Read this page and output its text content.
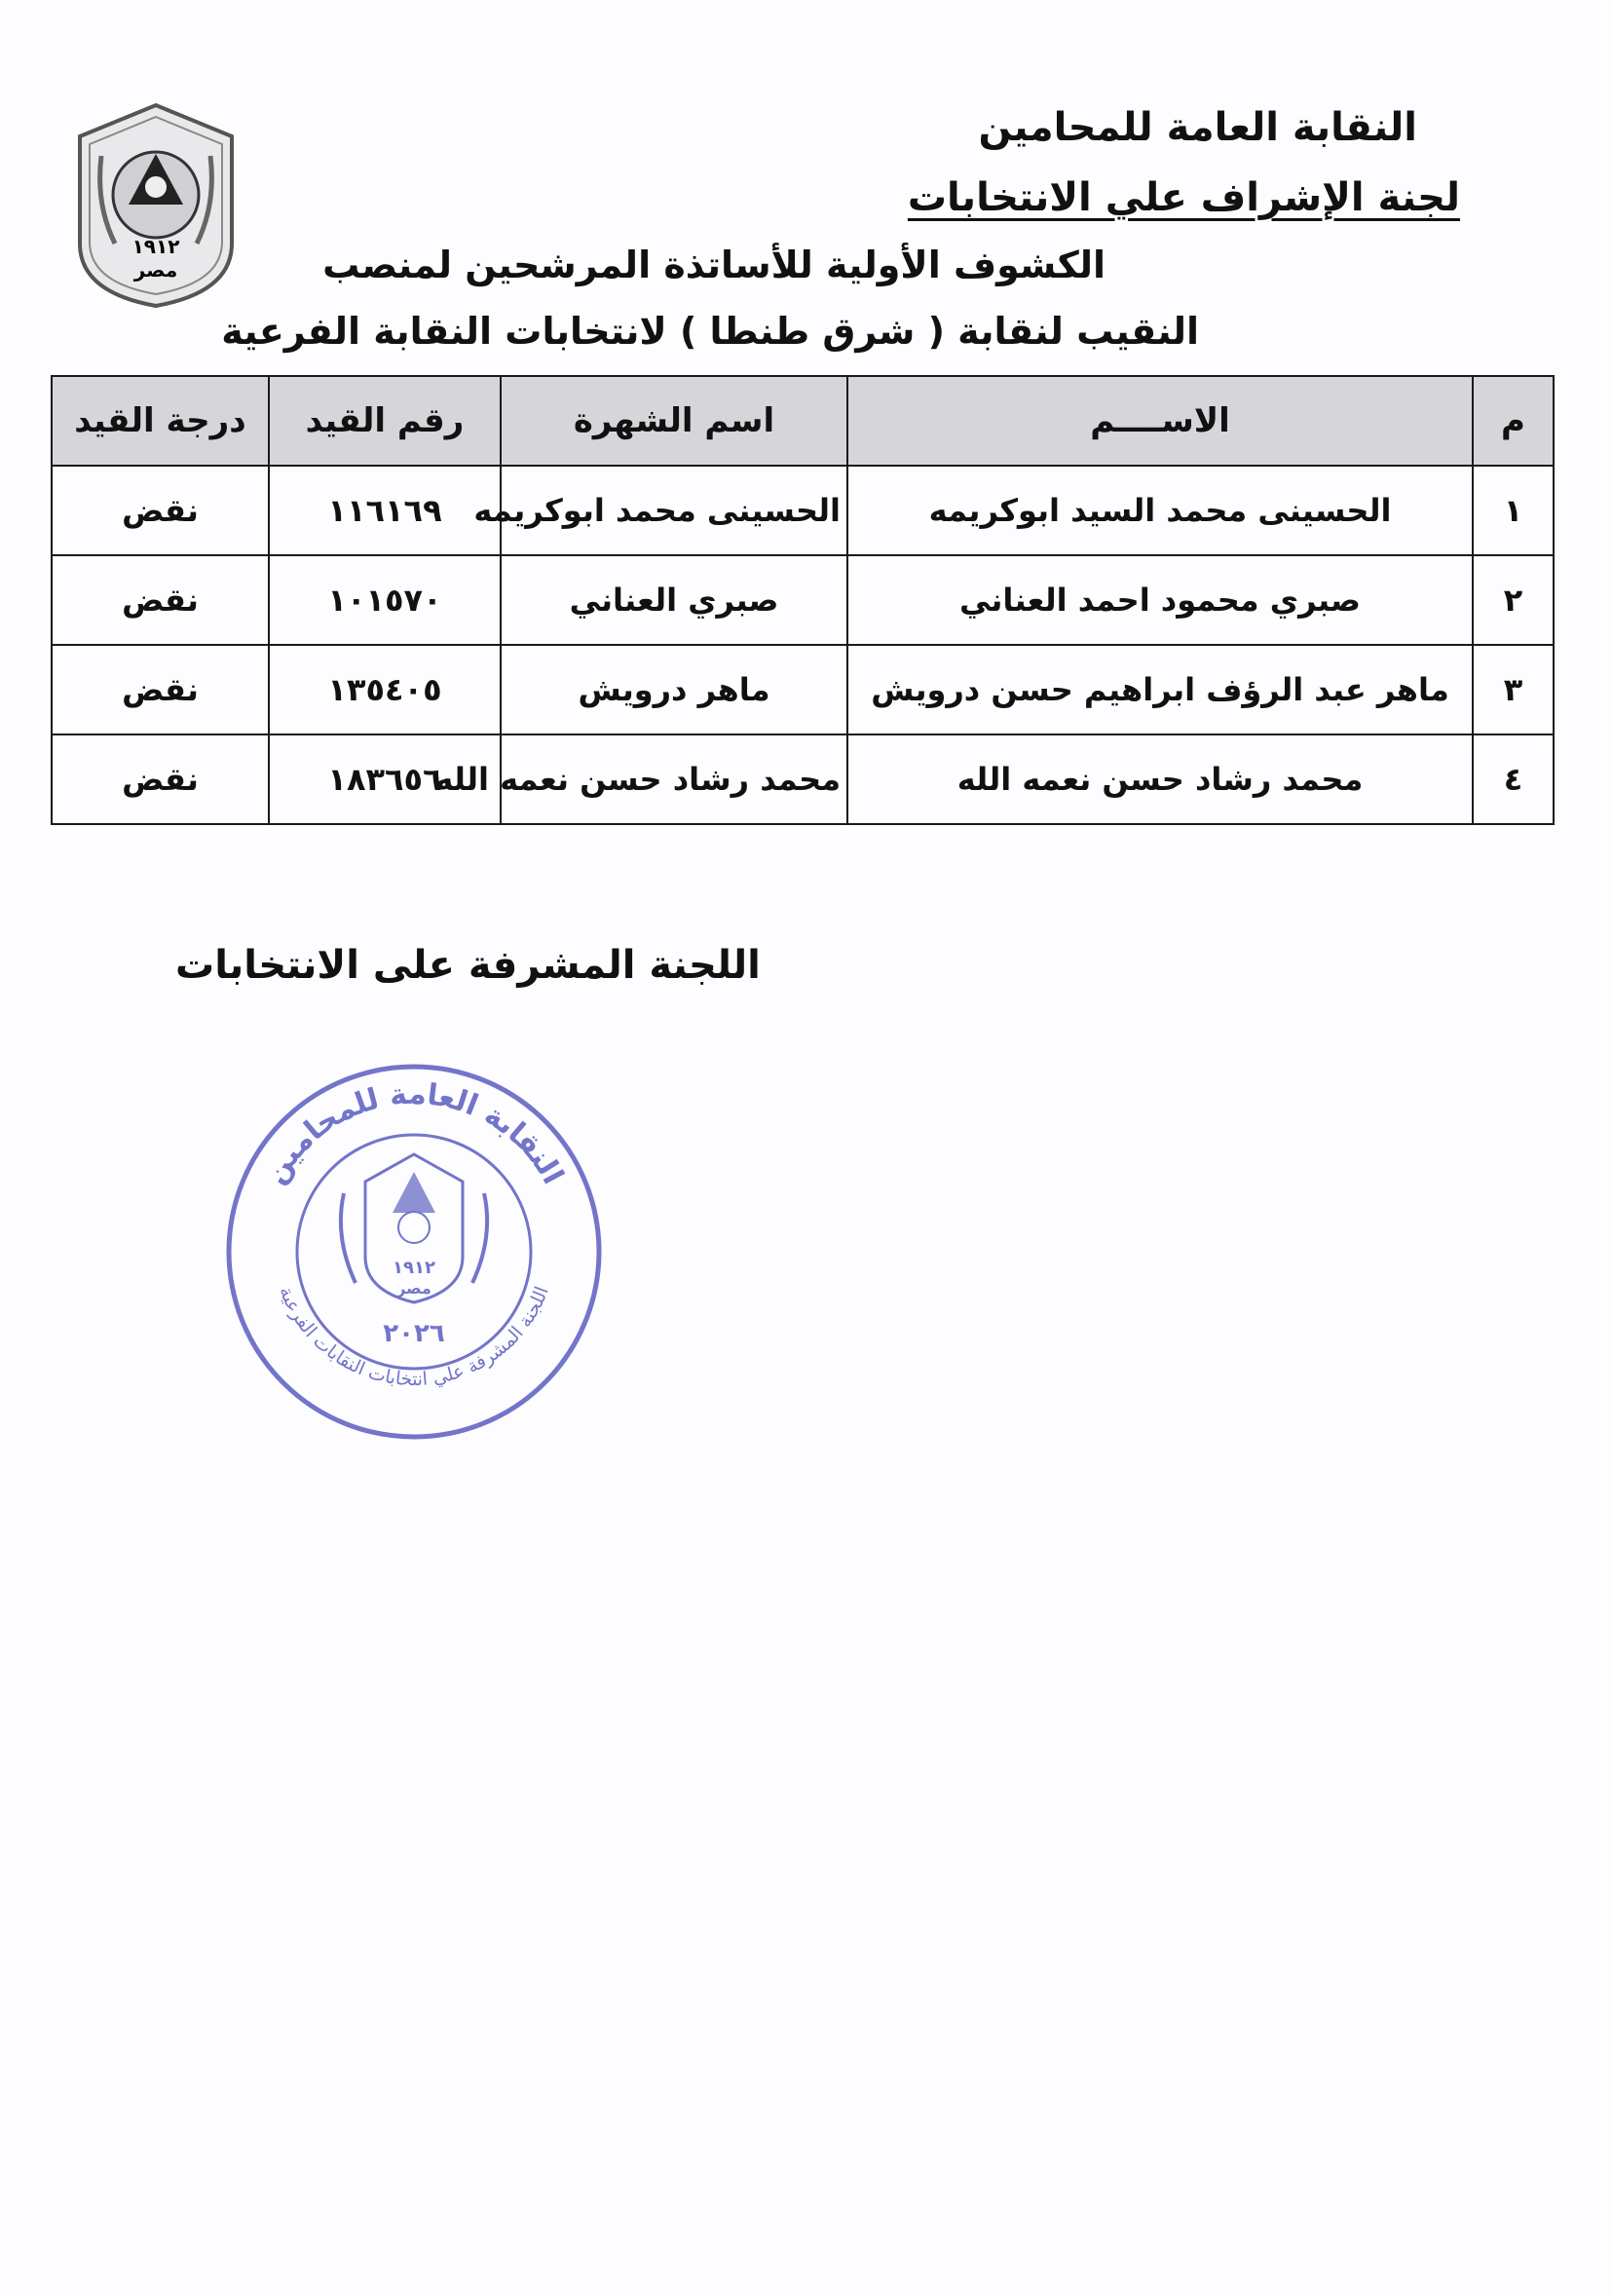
١٩١٢
مصر
النقابة العامة للمحامين
لجنة الإشراف علي الانتخابات
الكشوف الأولية للأساتذة المرشحين لمنصب
النقيب لنقابة ( شرق طنطا ) لانتخابات النقابة الفرعية
م	الاســــم	اسم الشهرة	رقم القيد	درجة القيد
١	الحسينى محمد السيد ابوكريمه	الحسينى محمد ابوكريمه	١١٦١٦٩	نقض
٢	صبري محمود احمد العناني	صبري العناني	١٠١٥٧٠	نقض
٣	ماهر عبد الرؤف ابراهيم حسن درويش	ماهر درويش	١٣٥٤٠٥	نقض
٤	محمد رشاد حسن نعمه الله	محمد رشاد حسن نعمه الله	١٨٣٦٥٦	نقض
اللجنة المشرفة على الانتخابات
النقابة العامة للمحامين
اللجنة المشرفة علي انتخابات النقابات الفرعية
١٩١٢
مصر
٢٠٢٦
